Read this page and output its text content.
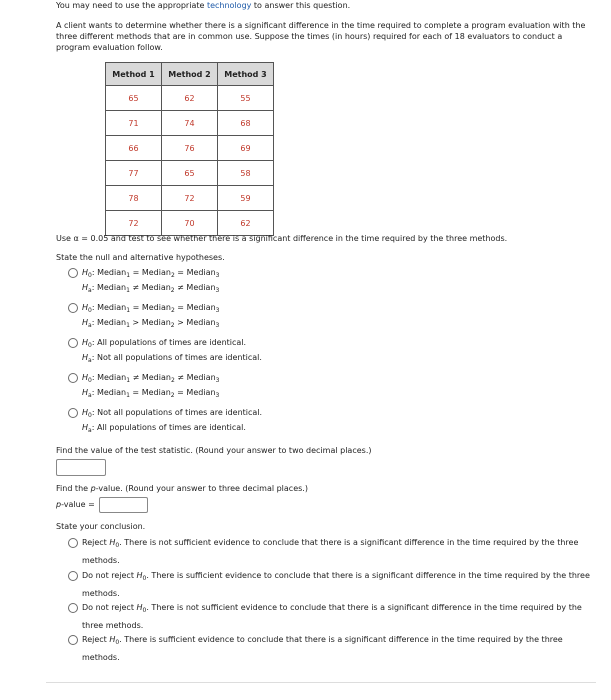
You may need to use the appropriate technology to answer this question.
A client wants to determine whether there is a significant difference in the time required to complete a program evaluation with the three different methods that are in common use. Suppose the times (in hours) required for each of 18 evaluators to conduct a program evaluation follow.
Method 1	Method 2	Method 3
65	62	55
71	74	68
66	76	69
77	65	58
78	72	59
72	70	62
Use α = 0.05 and test to see whether there is a significant difference in the time required by the three methods.
State the null and alternative hypotheses.
$H_0$: Median$_1$ = Median$_2$ = Median$_3$
$H_a$: Median$_1$ ≠ Median$_2$ ≠ Median$_3$
$H_0$: Median$_1$ = Median$_2$ = Median$_3$
$H_a$: Median$_1$ > Median$_2$ > Median$_3$
$H_0$: All populations of times are identical.
$H_a$: Not all populations of times are identical.
$H_0$: Median$_1$ ≠ Median$_2$ ≠ Median$_3$
$H_a$: Median$_1$ = Median$_2$ = Median$_3$
$H_0$: Not all populations of times are identical.
$H_a$: All populations of times are identical.
Find the value of the test statistic. (Round your answer to two decimal places.)
Find the p-value. (Round your answer to three decimal places.)
p-value =
State your conclusion.
Reject $H_0$. There is not sufficient evidence to conclude that there is a significant difference in the time required by the three methods.
Do not reject $H_0$. There is sufficient evidence to conclude that there is a significant difference in the time required by the three methods.
Do not reject $H_0$. There is not sufficient evidence to conclude that there is a significant difference in the time required by the three methods.
Reject $H_0$. There is sufficient evidence to conclude that there is a significant difference in the time required by the three methods.
